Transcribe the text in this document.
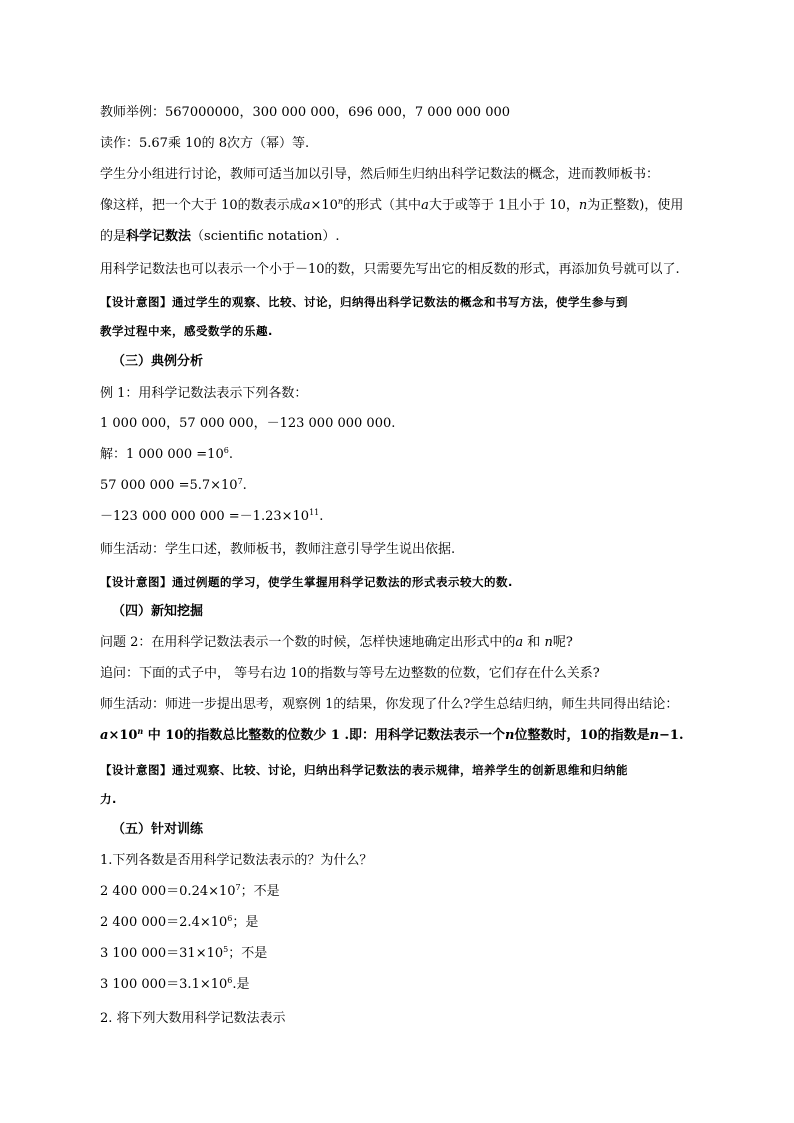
教师举例：567000000，300 000 000，696 000，7 000 000 000
读作：5.67乘 10的 8次方（幂）等.
学生分小组进行讨论，教师可适当加以引导，然后师生归纳出科学记数法的概念，进而教师板书：
像这样，把一个大于 10的数表示成$a\times 10^n$的形式（其中a大于或等于 1且小于 10，n为正整数)，使用
的是科学记数法（scientific notation）.
用科学记数法也可以表示一个小于－10的数，只需要先写出它的相反数的形式，再添加负号就可以了.
【设计意图】通过学生的观察、比较、讨论，归纳得出科学记数法的概念和书写方法，使学生参与到
教学过程中来，感受数学的乐趣.
（三）典例分析
例 1：用科学记数法表示下列各数：
1 000 000，57 000 000，－123 000 000 000.
解：1 000 $000 =10^6$.
57 000 $000 =5.7\times 10^7$.
－123 000 000 $000 =-1.23\times 10^{11}$.
师生活动：学生口述，教师板书，教师注意引导学生说出依据.
【设计意图】通过例题的学习，使学生掌握用科学记数法的形式表示较大的数.
（四）新知挖掘
问题 2：在用科学记数法表示一个数的时候，怎样快速地确定出形式中的a 和 n呢?
追问：下面的式子中， 等号右边 10的指数与等号左边整数的位数，它们存在什么关系?
师生活动：师进一步提出思考，观察例 1的结果，你发现了什么?学生总结归纳，师生共同得出结论：
$a\times 10^n$ 中 10的指数总比整数的位数少 1 .即：用科学记数法表示一个n位整数时，10的指数是n−1.
【设计意图】通过观察、比较、讨论，归纳出科学记数法的表示规律，培养学生的创新思维和归纳能
力.
（五）针对训练
1.下列各数是否用科学记数法表示的？为什么？
2 400 $000=0.24\times 10^7$；不是
2 400 $000=2.4\times 10^6$；是
3 100 $000=31\times 10^5$；不是
3 100 $000=3.1\times 10^6$.是
2. 将下列大数用科学记数法表示
